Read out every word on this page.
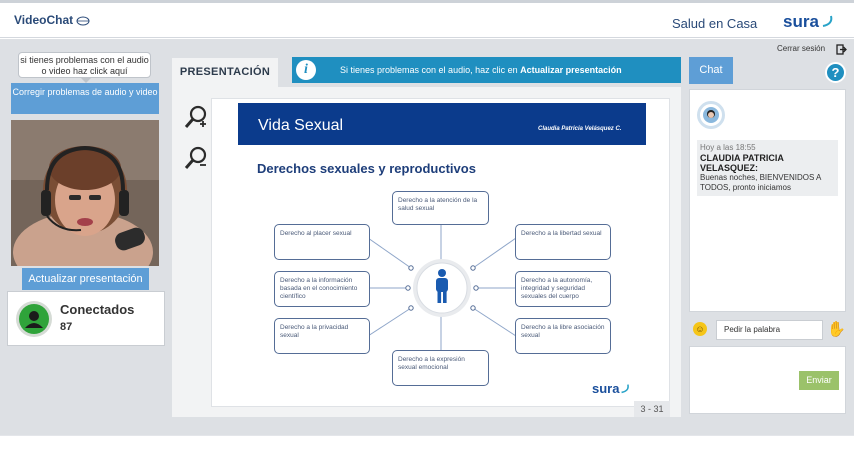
VideoChat	Salud en Casa sura
si tienes problemas con el audio o video haz click aquí
Corregir problemas de audio y video
Actualizar presentación
Conectados
87
PRESENTACIÓN	i	Si tienes problemas con el audio, haz clic en Actualizar presentación
Vida Sexual	Claudia Patricia Velásquez C.
Derechos sexuales y reproductivos
Derecho a la atención de la salud sexual
Derecho al placer sexual	Derecho a la libertad sexual
Derecho a la información basada en el conocimiento científico
Derecho a la autonomía, integridad y seguridad sexuales del cuerpo
Derecho a la privacidad sexual
Derecho a la libre asociación sexual
Derecho a la expresión sexual emocional
sura
3 - 31
Cerrar sesión
?
Chat
Hoy a las 18:55
CLAUDIA PATRICIA VELASQUEZ:
Buenas noches, BIENVENIDOS A TODOS, pronto iniciamos
☺	Pedir la palabra	✋
Enviar
